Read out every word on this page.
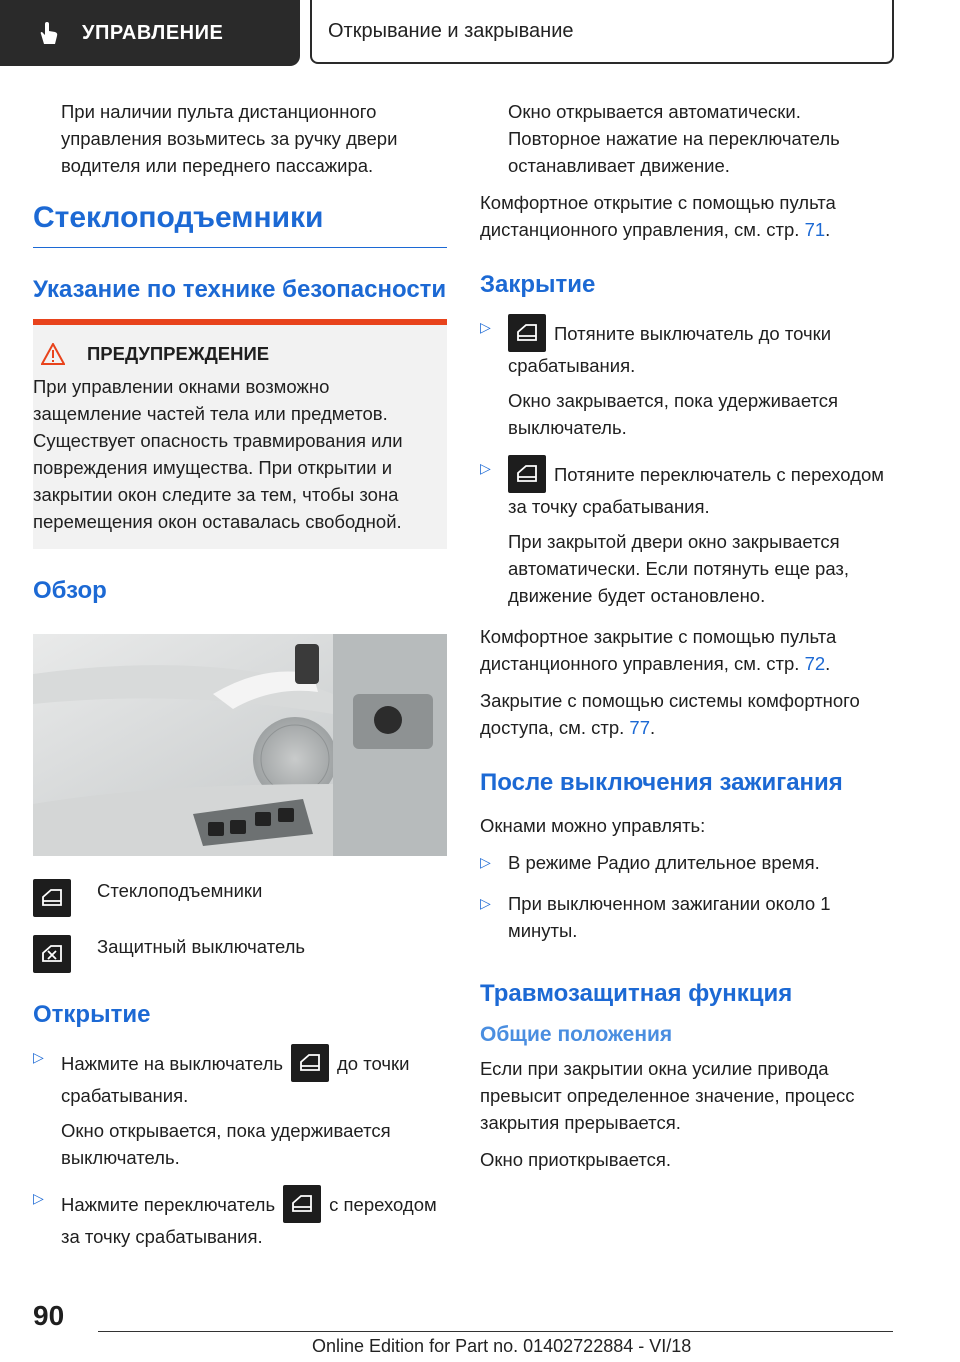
УПРАВЛЕНИЕ	Открывание и закрывание

При наличии пульта дистанционного управления возьмитесь за ручку двери водителя или переднего пассажира.

Стеклоподъемники
Указание по технике безопасности
ПРЕДУПРЕЖДЕНИЕ

При управлении окнами возможно защемление частей тела или предметов. Существует опасность травмирования или повреждения имущества. При открытии и закрытии окон следите за тем, чтобы зона перемещения окон оставалась свободной.

Обзор
Стеклоподъемники
Защитный выключатель
Открытие
▷ Нажмите на выключатель	до точки срабатывания.

Окно открывается, пока удерживается выключатель.

▷ Нажмите переключатель	с переходом за точку срабатывания.

Окно открывается автоматически. Повторное нажатие на переключатель останавливает движение.

Комфортное открытие с помощью пульта дистанционного управления, см. стр. 71.

Закрытие
▷	Потяните выключатель до точки срабатывания.

Окно закрывается, пока удерживается выключатель.

▷	Потяните переключатель с переходом за точку срабатывания.

При закрытой двери окно закрывается автоматически. Если потянуть еще раз, движение будет остановлено.

Комфортное закрытие с помощью пульта дистанционного управления, см. стр. 72.

Закрытие с помощью системы комфортного доступа, см. стр. 77.

После выключения зажигания

Окнами можно управлять:

▷ В режиме Радио длительное время.

▷ При выключенном зажигании около 1 минуты.

Травмозащитная функция
Общие положения

Если при закрытии окна усилие привода превысит определенное значение, процесс закрытия прерывается.

Окно приоткрывается.

90
Online Edition for Part no. 01402722884 - VI/18
